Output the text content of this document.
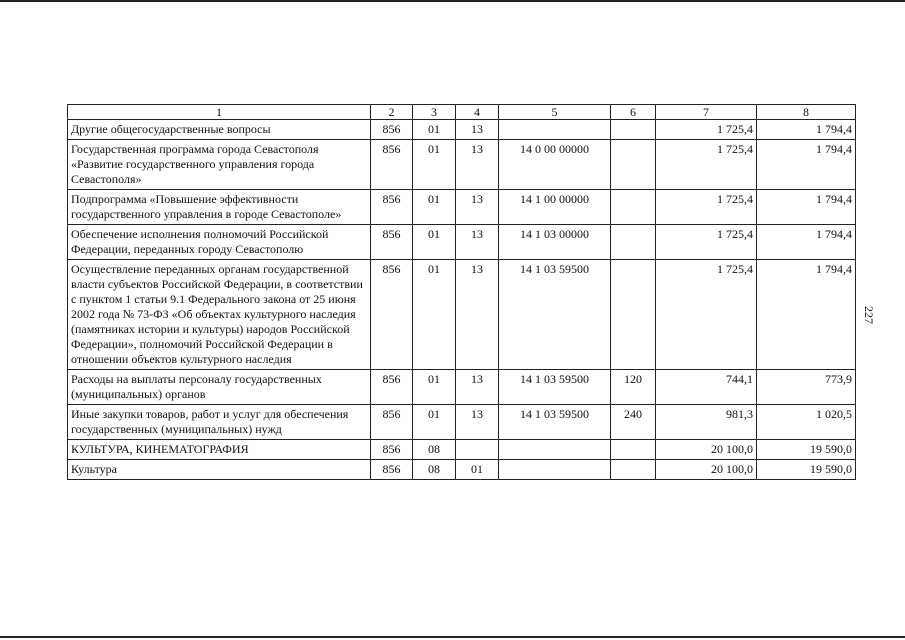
1	2	3	4	5	6	7	8
Другие общегосударственные вопросы	856	01	13			1 725,4	1 794,4
Государственная программа города Севастополя «Развитие государственного управления города Севастополя»	856	01	13	14 0 00 00000		1 725,4	1 794,4
Подпрограмма «Повышение эффективности государственного управления в городе Севастополе»	856	01	13	14 1 00 00000		1 725,4	1 794,4
Обеспечение исполнения полномочий Российской Федерации, переданных городу Севастополю	856	01	13	14 1 03 00000		1 725,4	1 794,4
Осуществление переданных органам государственной власти субъектов Российской Федерации, в соответствии с пунктом 1 статьи 9.1 Федерального закона от 25 июня 2002 года № 73-ФЗ «Об объектах культурного наследия (памятниках истории и культуры) народов Российской Федерации», полномочий Российской Федерации в отношении объектов культурного наследия	856	01	13	14 1 03 59500		1 725,4	1 794,4
Расходы на выплаты персоналу государственных (муниципальных) органов	856	01	13	14 1 03 59500	120	744,1	773,9
Иные закупки товаров, работ и услуг для обеспечения государственных (муниципальных) нужд	856	01	13	14 1 03 59500	240	981,3	1 020,5
КУЛЬТУРА, КИНЕМАТОГРАФИЯ	856	08				20 100,0	19 590,0
Культура	856	08	01			20 100,0	19 590,0
227
